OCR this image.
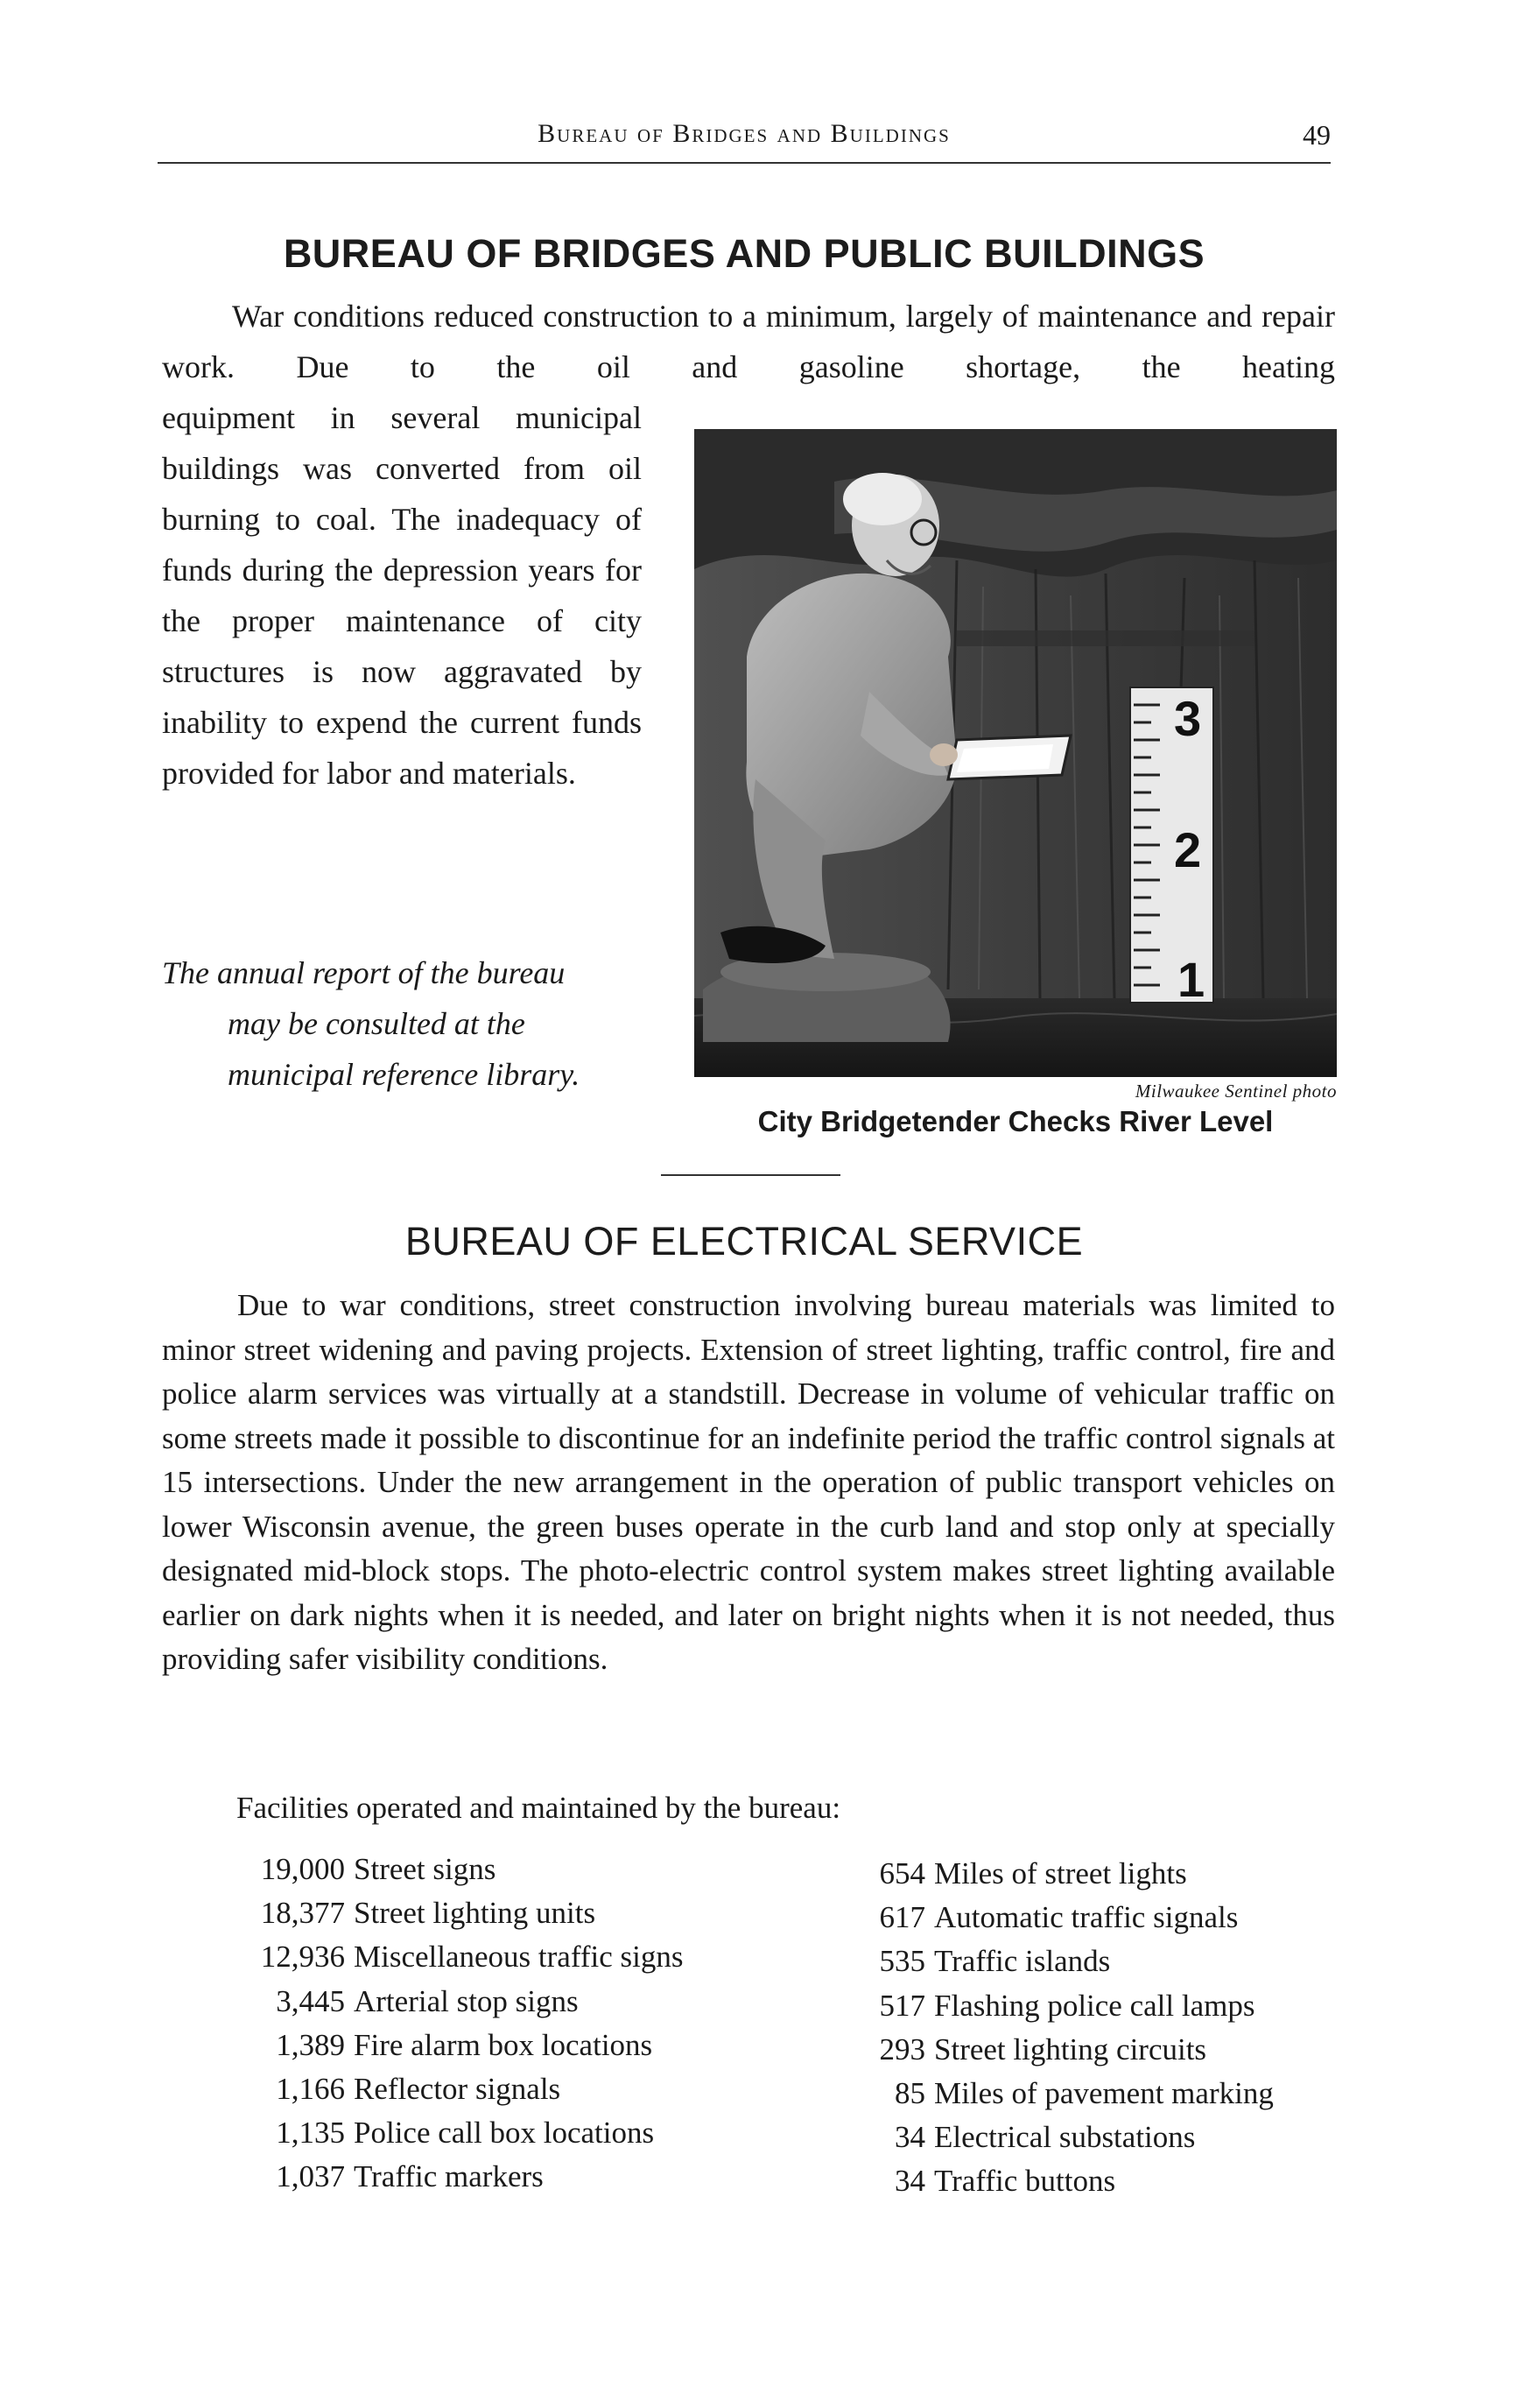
Bureau of Bridges and Buildings	49
BUREAU OF BRIDGES AND PUBLIC BUILDINGS

War conditions reduced construction to a minimum, largely of maintenance and repair work. Due to the oil and gasoline shortage, the heating

equipment in several municipal buildings was converted from oil burning to coal. The inadequacy of funds during the depression years for the proper maintenance of city structures is now aggravated by inability to expend the current funds provided for labor and materials.

The annual report of the bureau
may be consulted at the
municipal reference library.
3
2
1
Milwaukee Sentinel photo
City Bridgetender Checks River Level
BUREAU OF ELECTRICAL SERVICE

Due to war conditions, street construction involving bureau materials was limited to minor street widening and paving projects. Extension of street lighting, traffic control, fire and police alarm services was virtually at a standstill. Decrease in volume of vehicular traffic on some streets made it possible to discontinue for an indefinite period the traffic control signals at 15 intersections. Under the new arrangement in the operation of public transport vehicles on lower Wisconsin avenue, the green buses operate in the curb land and stop only at specially designated mid-block stops. The photo-electric control system makes street lighting available earlier on dark nights when it is needed, and later on bright nights when it is not needed, thus providing safer visibility conditions.

Facilities operated and maintained by the bureau:
19,000 Street signs
18,377 Street lighting units
12,936 Miscellaneous traffic signs
3,445 Arterial stop signs
1,389 Fire alarm box locations
1,166 Reflector signals
1,135 Police call box locations
1,037 Traffic markers
654 Miles of street lights
617 Automatic traffic signals
535 Traffic islands
517 Flashing police call lamps
293 Street lighting circuits
85 Miles of pavement marking
34 Electrical substations
34 Traffic buttons
